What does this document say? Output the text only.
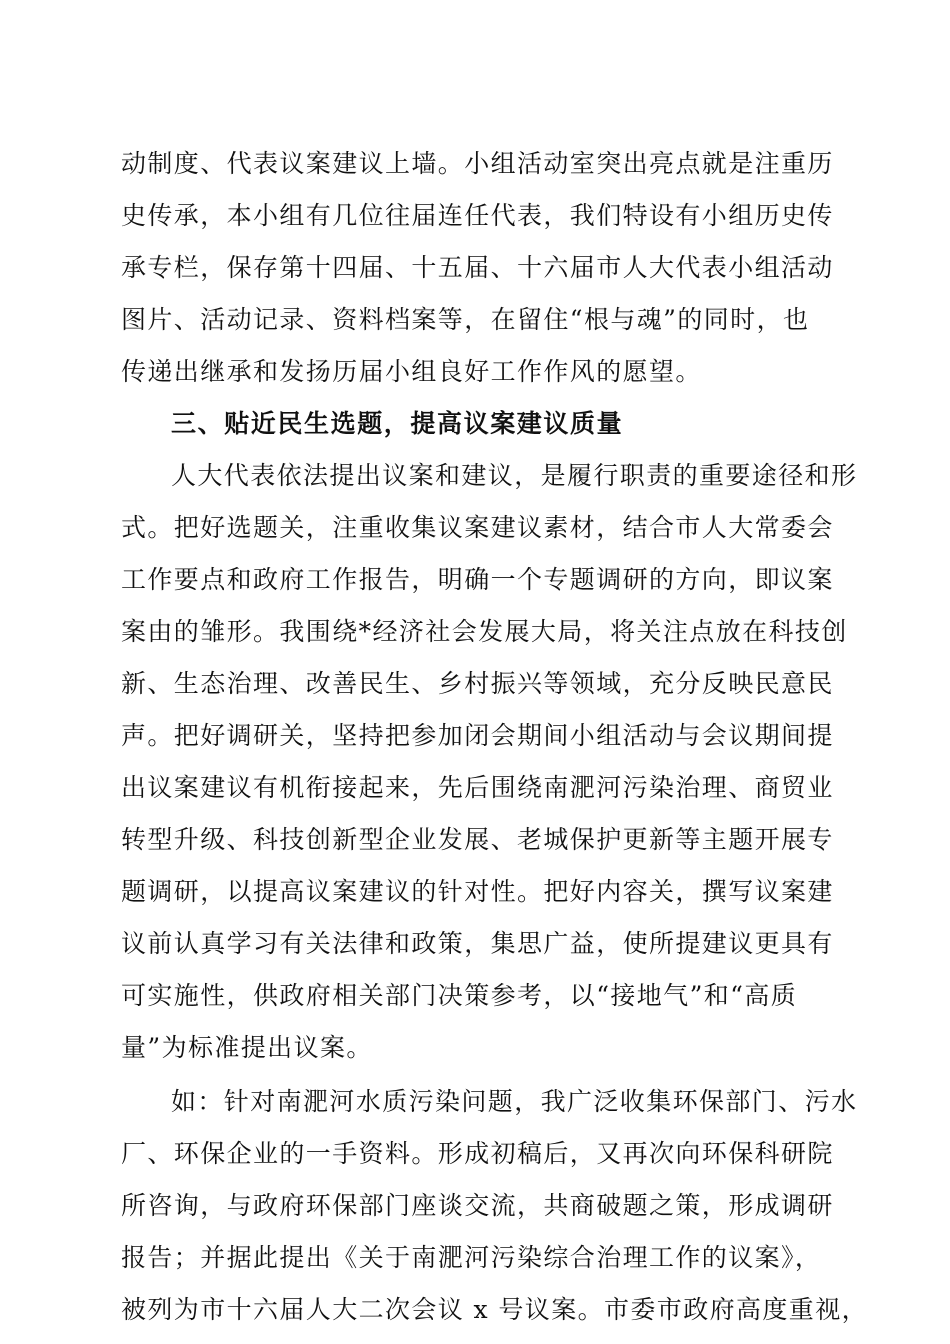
动制度、代表议案建议上墙。小组活动室突出亮点就是注重历
史传承，本小组有几位往届连任代表，我们特设有小组历史传
承专栏，保存第十四届、十五届、十六届市人大代表小组活动
图片、活动记录、资料档案等，在留住“根与魂”的同时，也
传递出继承和发扬历届小组良好工作作风的愿望。
三、贴近民生选题，提高议案建议质量
人大代表依法提出议案和建议，是履行职责的重要途径和形
式。把好选题关，注重收集议案建议素材，结合市人大常委会
工作要点和政府工作报告，明确一个专题调研的方向，即议案
案由的雏形。我围绕*经济社会发展大局，将关注点放在科技创
新、生态治理、改善民生、乡村振兴等领域，充分反映民意民
声。把好调研关，坚持把参加闭会期间小组活动与会议期间提
出议案建议有机衔接起来，先后围绕南淝河污染治理、商贸业
转型升级、科技创新型企业发展、老城保护更新等主题开展专
题调研，以提高议案建议的针对性。把好内容关，撰写议案建
议前认真学习有关法律和政策，集思广益，使所提建议更具有
可实施性，供政府相关部门决策参考，以“接地气”和“高质
量”为标准提出议案。
如：针对南淝河水质污染问题，我广泛收集环保部门、污水
厂、环保企业的一手资料。形成初稿后，又再次向环保科研院
所咨询，与政府环保部门座谈交流，共商破题之策，形成调研
报告；并据此提出《关于南淝河污染综合治理工作的议案》，
被列为市十六届人大二次会议 x 号议案。市委市政府高度重视，
